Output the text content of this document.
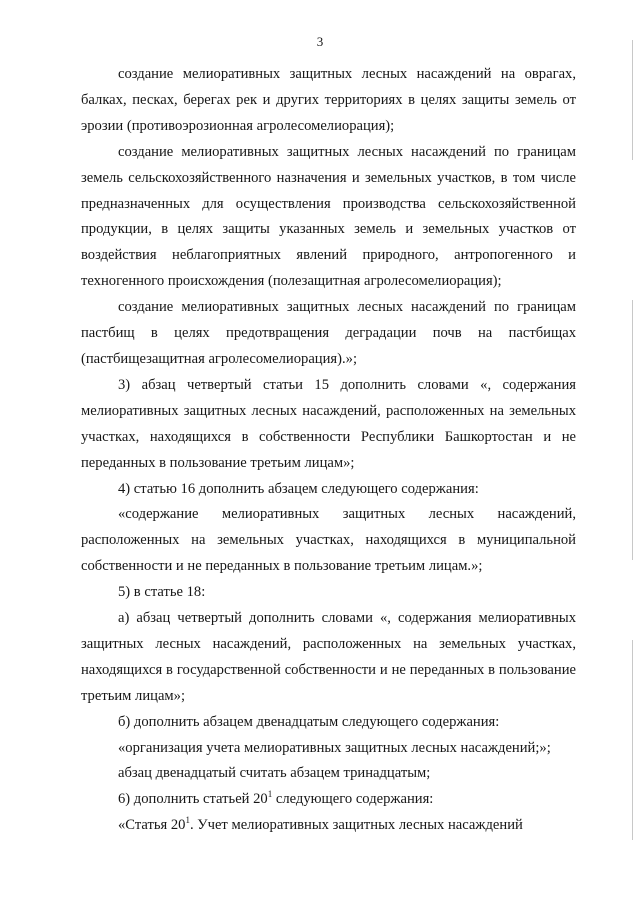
3

создание мелиоративных защитных лесных насаждений на оврагах, балках, песках, берегах рек и других территориях в целях защиты земель от эрозии (противоэрозионная агролесомелиорация);

создание мелиоративных защитных лесных насаждений по границам земель сельскохозяйственного назначения и земельных участков, в том числе предназначенных для осуществления производства сельскохозяйственной продукции, в целях защиты указанных земель и земельных участков от воздействия неблагоприятных явлений природного, антропогенного и техногенного происхождения (полезащитная агролесомелиорация);

создание мелиоративных защитных лесных насаждений по границам пастбищ в целях предотвращения деградации почв на пастбищах (пастбищезащитная агролесомелиорация).»;

3) абзац четвертый статьи 15 дополнить словами «, содержания мелиоративных защитных лесных насаждений, расположенных на земельных участках, находящихся в собственности Республики Башкортостан и не переданных в пользование третьим лицам»;

4) статью 16 дополнить абзацем следующего содержания:

«содержание мелиоративных защитных лесных насаждений, расположенных на земельных участках, находящихся в муниципальной собственности и не переданных в пользование третьим лицам.»;

5) в статье 18:

а) абзац четвертый дополнить словами «, содержания мелиоративных защитных лесных насаждений, расположенных на земельных участках, находящихся в государственной собственности и не переданных в пользование третьим лицам»;

б) дополнить абзацем двенадцатым следующего содержания:

«организация учета мелиоративных защитных лесных насаждений;»;

абзац двенадцатый считать абзацем тринадцатым;

6) дополнить статьей $20^1$ следующего содержания:

«Статья $20^1$. Учет мелиоративных защитных лесных насаждений
